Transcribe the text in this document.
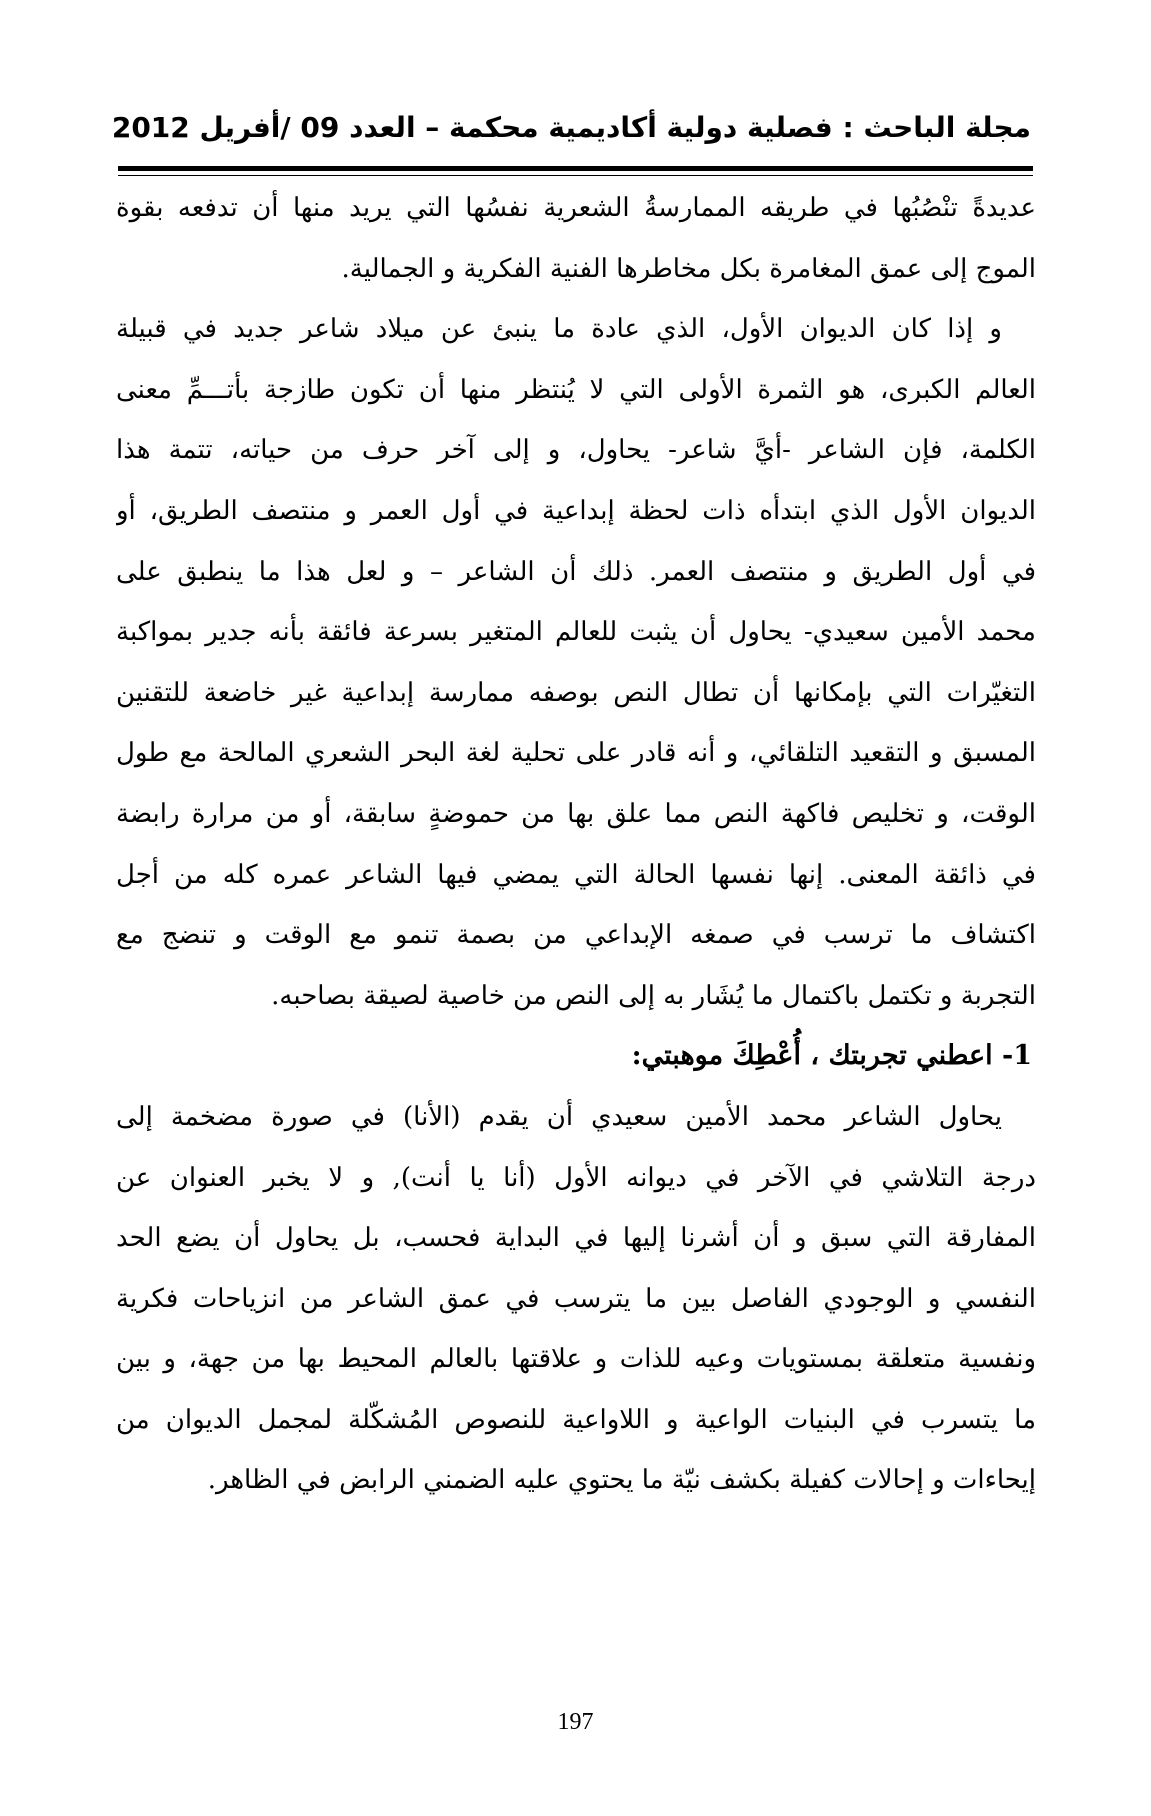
مجلة الباحث : فصلية دولية أكاديمية محكمة – العدد 09 /أفريل 2012
عديدةً تنْصُبُها في طريقه الممارسةُ الشعرية نفسُها التي يريد منها أن تدفعه بقوة
الموج إلى عمق المغامرة بكل مخاطرها الفنية الفكرية و الجمالية.
و إذا كان الديوان الأول، الذي عادة ما ينبئ عن ميلاد شاعر جديد في قبيلة
العالم الكبرى، هو الثمرة الأولى التي لا يُنتظر منها أن تكون طازجة بأتـــمِّ معنى
الكلمة، فإن الشاعر -أيَّ شاعر- يحاول، و إلى آخر حرف من حياته، تتمة هذا
الديوان الأول الذي ابتدأه ذات لحظة إبداعية في أول العمر و منتصف الطريق، أو
في أول الطريق و منتصف العمر. ذلك أن الشاعر – و لعل هذا ما ينطبق على
محمد الأمين سعيدي- يحاول أن يثبت للعالم المتغير بسرعة فائقة بأنه جدير بمواكبة
التغيّرات التي بإمكانها أن تطال النص بوصفه ممارسة إبداعية غير خاضعة للتقنين
المسبق و التقعيد التلقائي، و أنه قادر على تحلية لغة البحر الشعري المالحة مع طول
الوقت، و تخليص فاكهة النص مما علق بها من حموضةٍ سابقة، أو من مرارة رابضة
في ذائقة المعنى. إنها نفسها الحالة التي يمضي فيها الشاعر عمره كله من أجل
اكتشاف ما ترسب في صمغه الإبداعي من بصمة تنمو مع الوقت و تنضج مع
التجربة و تكتمل باكتمال ما يُشَار به إلى النص من خاصية لصيقة بصاحبه.
1- اعطني تجربتك ، أُعْطِكَ موهبتي:
يحاول الشاعر محمد الأمين سعيدي أن يقدم (الأنا) في صورة مضخمة إلى
درجة التلاشي في الآخر في ديوانه الأول (أنا يا أنت), و لا يخبر العنوان عن
المفارقة التي سبق و أن أشرنا إليها في البداية فحسب، بل يحاول أن يضع الحد
النفسي و الوجودي الفاصل بين ما يترسب في عمق الشاعر من انزياحات فكرية
ونفسية متعلقة بمستويات وعيه للذات و علاقتها بالعالم المحيط بها من جهة، و بين
ما يتسرب في البنيات الواعية و اللاواعية للنصوص المُشكّلة لمجمل الديوان من
إيحاءات و إحالات كفيلة بكشف نيّة ما يحتوي عليه الضمني الرابض في الظاهر.
197
